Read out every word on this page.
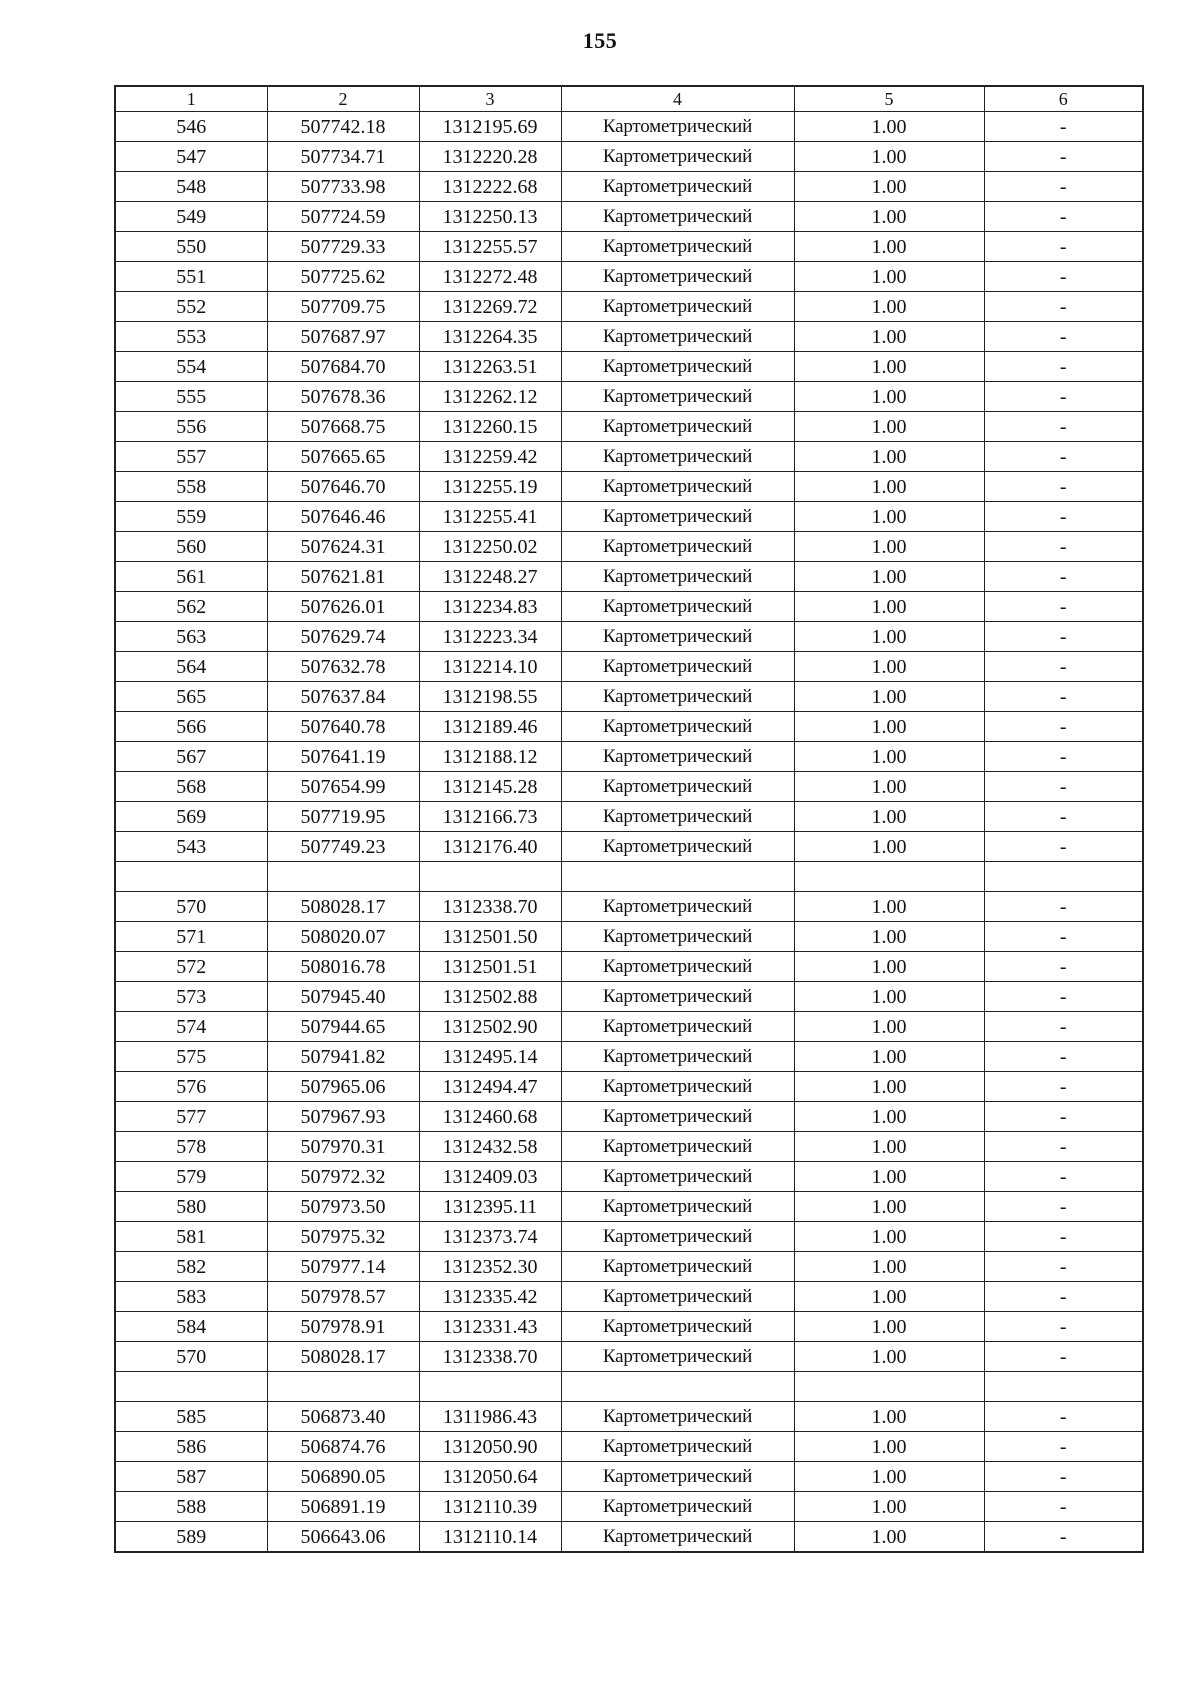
155
1	2	3	4	5	6
546	507742.18	1312195.69	Картометрический	1.00	-
547	507734.71	1312220.28	Картометрический	1.00	-
548	507733.98	1312222.68	Картометрический	1.00	-
549	507724.59	1312250.13	Картометрический	1.00	-
550	507729.33	1312255.57	Картометрический	1.00	-
551	507725.62	1312272.48	Картометрический	1.00	-
552	507709.75	1312269.72	Картометрический	1.00	-
553	507687.97	1312264.35	Картометрический	1.00	-
554	507684.70	1312263.51	Картометрический	1.00	-
555	507678.36	1312262.12	Картометрический	1.00	-
556	507668.75	1312260.15	Картометрический	1.00	-
557	507665.65	1312259.42	Картометрический	1.00	-
558	507646.70	1312255.19	Картометрический	1.00	-
559	507646.46	1312255.41	Картометрический	1.00	-
560	507624.31	1312250.02	Картометрический	1.00	-
561	507621.81	1312248.27	Картометрический	1.00	-
562	507626.01	1312234.83	Картометрический	1.00	-
563	507629.74	1312223.34	Картометрический	1.00	-
564	507632.78	1312214.10	Картометрический	1.00	-
565	507637.84	1312198.55	Картометрический	1.00	-
566	507640.78	1312189.46	Картометрический	1.00	-
567	507641.19	1312188.12	Картометрический	1.00	-
568	507654.99	1312145.28	Картометрический	1.00	-
569	507719.95	1312166.73	Картометрический	1.00	-
543	507749.23	1312176.40	Картометрический	1.00	-

570	508028.17	1312338.70	Картометрический	1.00	-
571	508020.07	1312501.50	Картометрический	1.00	-
572	508016.78	1312501.51	Картометрический	1.00	-
573	507945.40	1312502.88	Картометрический	1.00	-
574	507944.65	1312502.90	Картометрический	1.00	-
575	507941.82	1312495.14	Картометрический	1.00	-
576	507965.06	1312494.47	Картометрический	1.00	-
577	507967.93	1312460.68	Картометрический	1.00	-
578	507970.31	1312432.58	Картометрический	1.00	-
579	507972.32	1312409.03	Картометрический	1.00	-
580	507973.50	1312395.11	Картометрический	1.00	-
581	507975.32	1312373.74	Картометрический	1.00	-
582	507977.14	1312352.30	Картометрический	1.00	-
583	507978.57	1312335.42	Картометрический	1.00	-
584	507978.91	1312331.43	Картометрический	1.00	-
570	508028.17	1312338.70	Картометрический	1.00	-

585	506873.40	1311986.43	Картометрический	1.00	-
586	506874.76	1312050.90	Картометрический	1.00	-
587	506890.05	1312050.64	Картометрический	1.00	-
588	506891.19	1312110.39	Картометрический	1.00	-
589	506643.06	1312110.14	Картометрический	1.00	-
